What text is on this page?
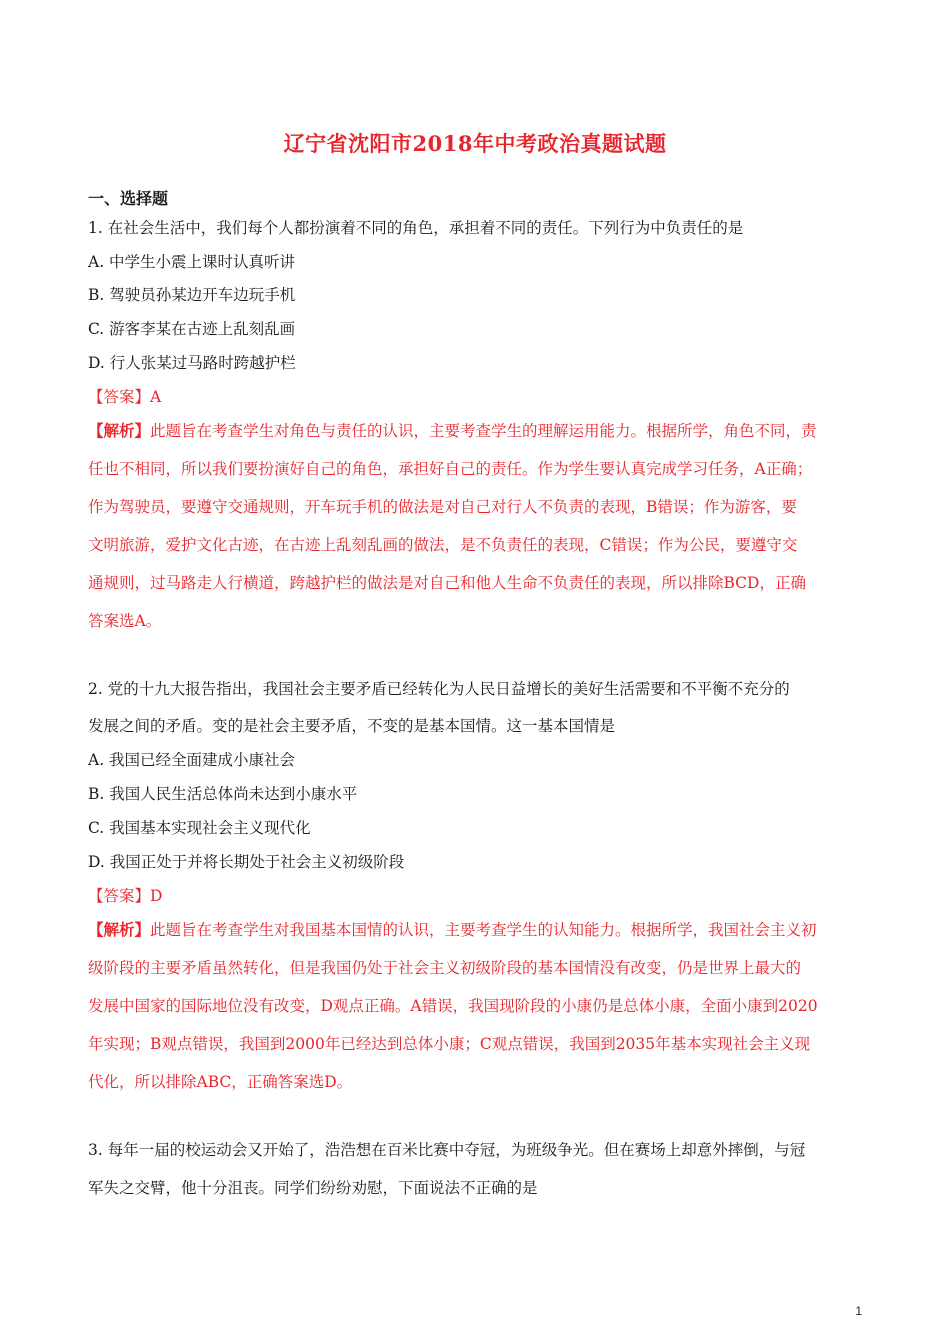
辽宁省沈阳市2018年中考政治真题试题
一、选择题
1. 在社会生活中，我们每个人都扮演着不同的角色，承担着不同的责任。下列行为中负责任的是
A. 中学生小震上课时认真听讲
B. 驾驶员孙某边开车边玩手机
C. 游客李某在古迹上乱刻乱画
D. 行人张某过马路时跨越护栏
【答案】A
【解析】此题旨在考查学生对角色与责任的认识，主要考查学生的理解运用能力。根据所学，角色不同，责
任也不相同，所以我们要扮演好自己的角色，承担好自己的责任。作为学生要认真完成学习任务，A正确；
作为驾驶员，要遵守交通规则，开车玩手机的做法是对自己对行人不负责的表现，B错误；作为游客，要
文明旅游，爱护文化古迹，在古迹上乱刻乱画的做法，是不负责任的表现，C错误；作为公民，要遵守交
通规则，过马路走人行横道，跨越护栏的做法是对自己和他人生命不负责任的表现，所以排除BCD，正确
答案选A。
2. 党的十九大报告指出，我国社会主要矛盾已经转化为人民日益增长的美好生活需要和不平衡不充分的
发展之间的矛盾。变的是社会主要矛盾，不变的是基本国情。这一基本国情是
A. 我国已经全面建成小康社会
B. 我国人民生活总体尚未达到小康水平
C. 我国基本实现社会主义现代化
D. 我国正处于并将长期处于社会主义初级阶段
【答案】D
【解析】此题旨在考查学生对我国基本国情的认识，主要考查学生的认知能力。根据所学，我国社会主义初
级阶段的主要矛盾虽然转化，但是我国仍处于社会主义初级阶段的基本国情没有改变，仍是世界上最大的
发展中国家的国际地位没有改变，D观点正确。A错误，我国现阶段的小康仍是总体小康，全面小康到2020
年实现；B观点错误，我国到2000年已经达到总体小康；C观点错误，我国到2035年基本实现社会主义现
代化，所以排除ABC，正确答案选D。
3. 每年一届的校运动会又开始了，浩浩想在百米比赛中夺冠，为班级争光。但在赛场上却意外摔倒，与冠
军失之交臂，他十分沮丧。同学们纷纷劝慰，下面说法不正确的是
1
